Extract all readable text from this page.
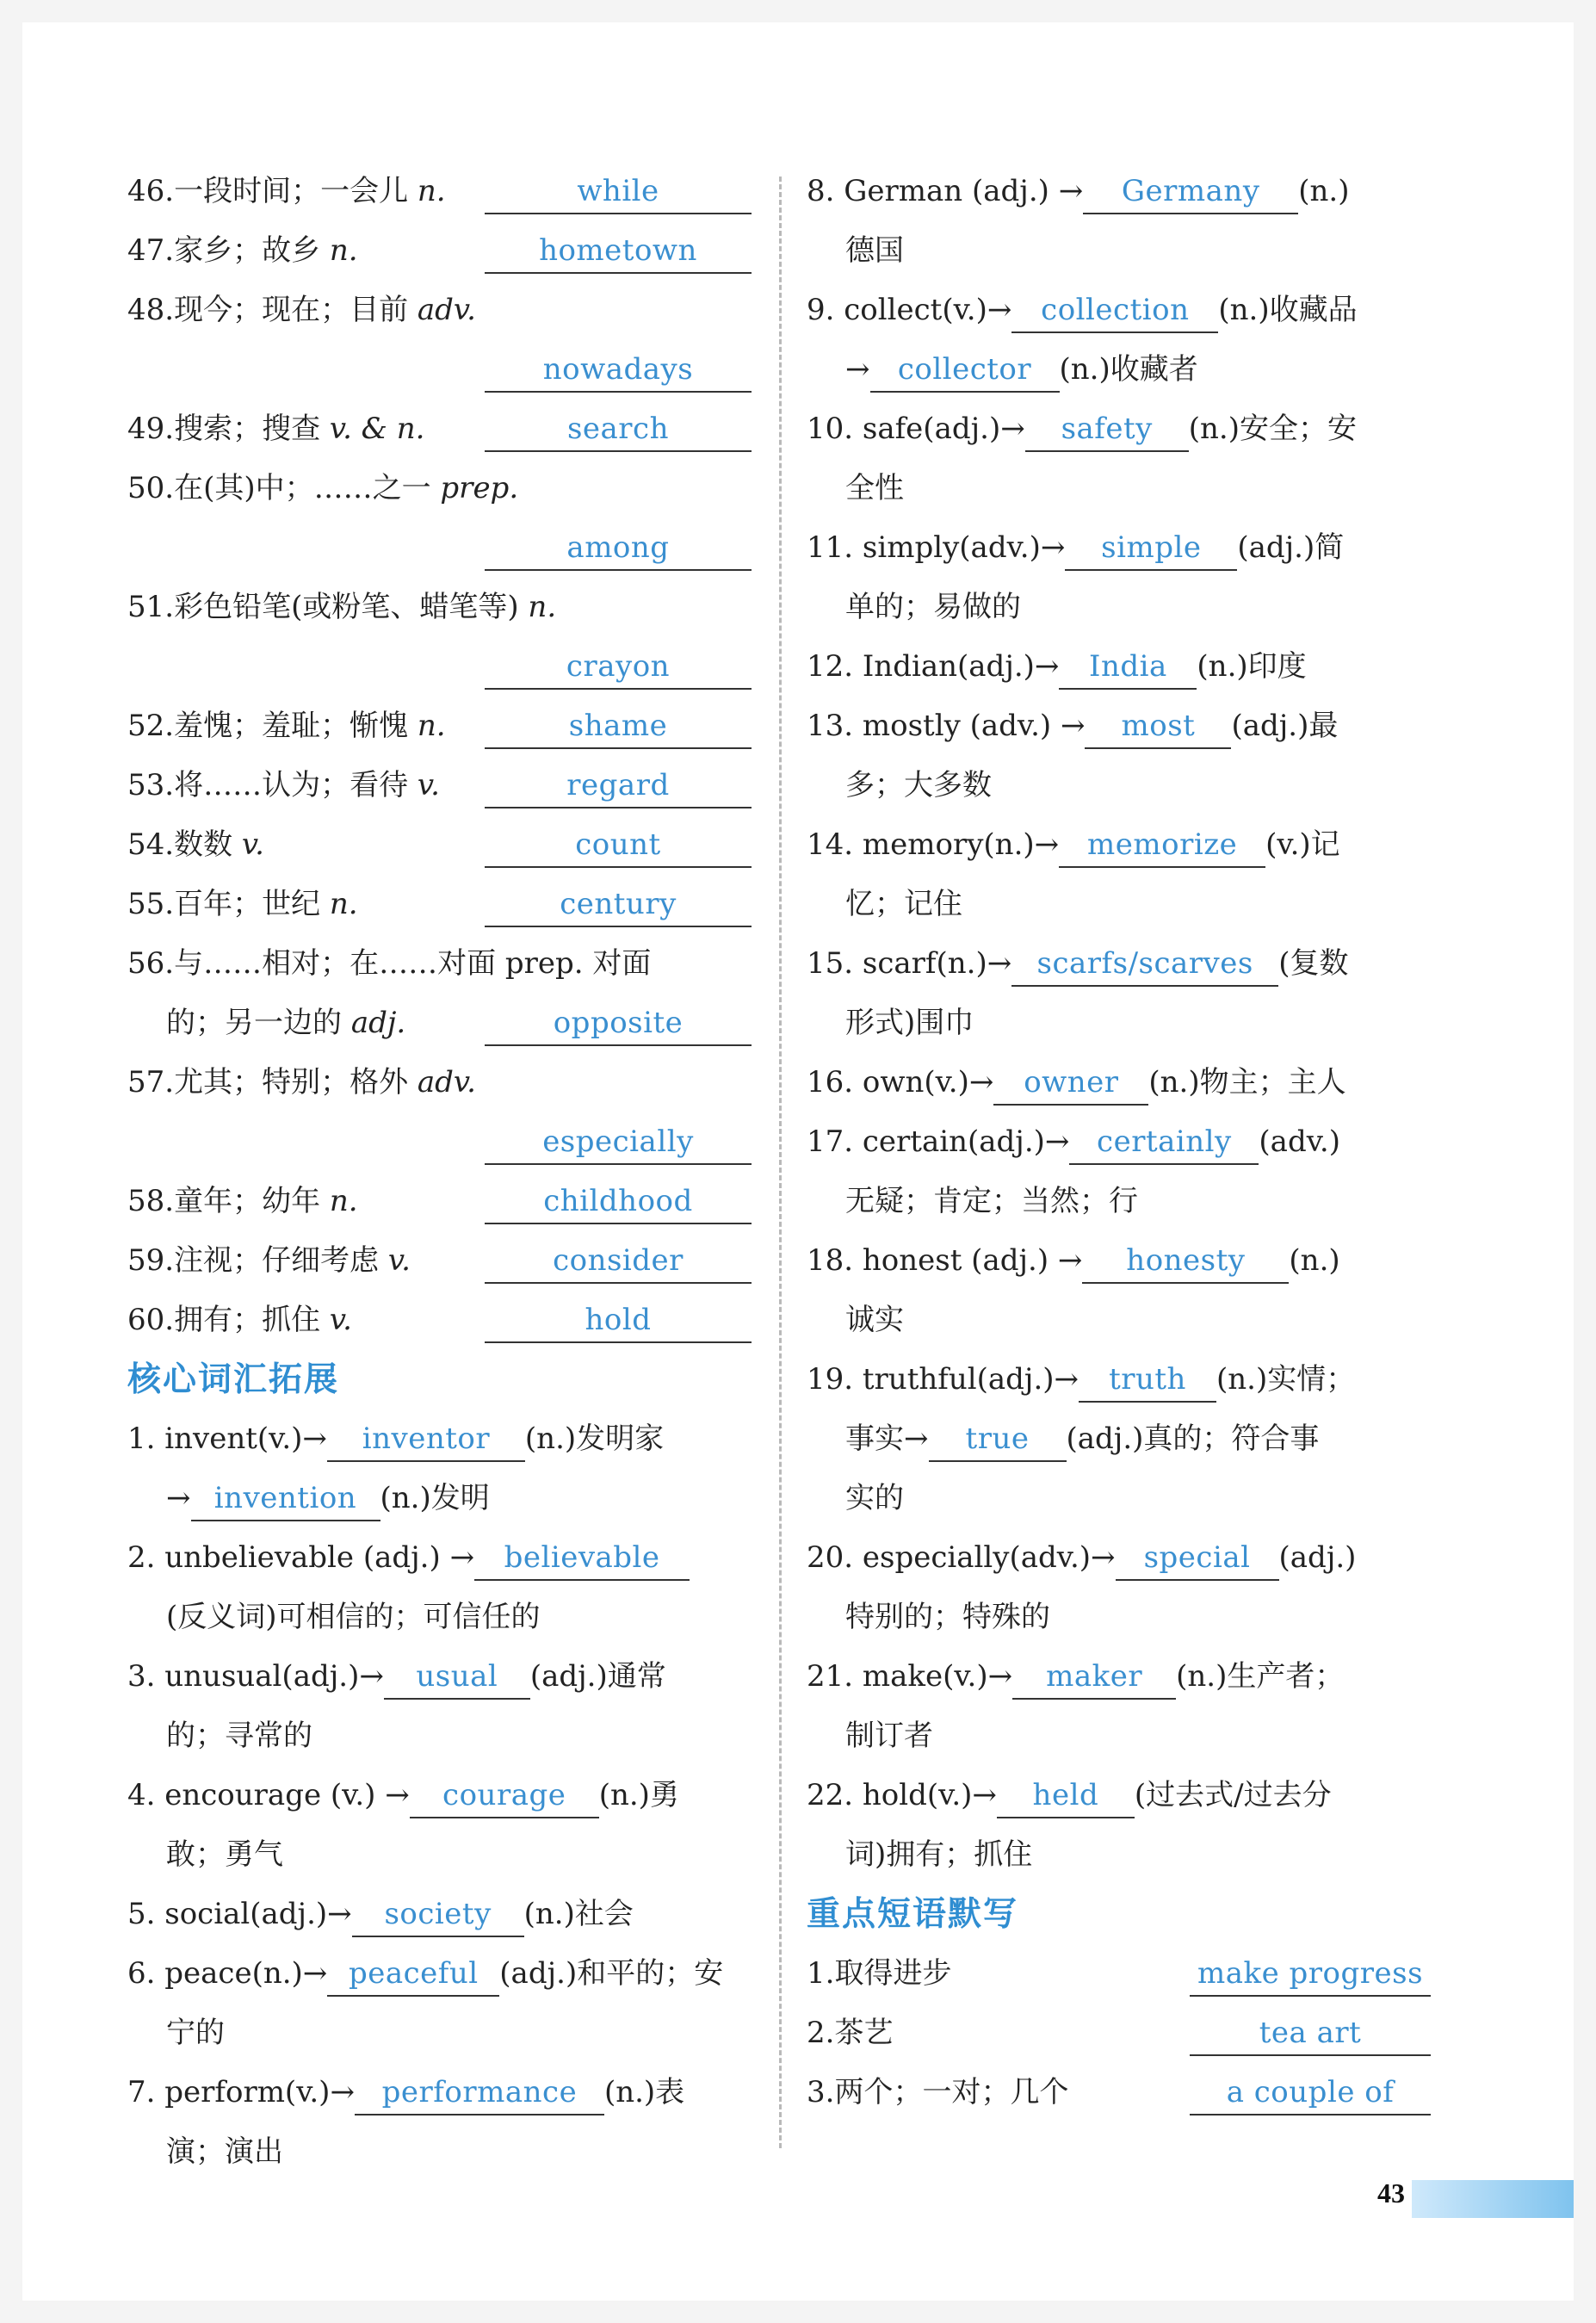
46.一段时间；一会儿 n.	while
47.家乡；故乡 n.	hometown
48.现今；现在；目前 adv.
nowadays
49.搜索；搜查 v. & n.	search
50.在(其)中；……之一 prep.
among
51.彩色铅笔(或粉笔、蜡笔等) n.
crayon
52.羞愧；羞耻；惭愧 n.	shame
53.将……认为；看待 v.	regard
54.数数 v.	count
55.百年；世纪 n.	century
56.与……相对；在……对面 prep. 对面
的；另一边的 adj.	opposite
57.尤其；特别；格外 adv.
especially
58.童年；幼年 n.	childhood
59.注视；仔细考虑 v.	consider
60.拥有；抓住 v.	hold
核心词汇拓展
1. invent(v.)→ inventor (n.)发明家
→ invention (n.)发明
2. unbelievable (adj.) → believable
(反义词)可相信的；可信任的
3. unusual(adj.)→ usual (adj.)通常
的；寻常的
4. encourage (v.) → courage (n.)勇
敢；勇气
5. social(adj.)→ society (n.)社会
6. peace(n.)→ peaceful (adj.)和平的；安
宁的
7. perform(v.)→ performance (n.)表
演；演出
8. German (adj.) → Germany (n.)
德国
9. collect(v.)→ collection (n.)收藏品
→ collector (n.)收藏者
10. safe(adj.)→ safety (n.)安全；安
全性
11. simply(adv.)→ simple (adj.)简
单的；易做的
12. Indian(adj.)→ India (n.)印度
13. mostly (adv.) → most (adj.)最
多；大多数
14. memory(n.)→ memorize (v.)记
忆；记住
15. scarf(n.)→ scarfs/scarves (复数
形式)围巾
16. own(v.)→ owner (n.)物主；主人
17. certain(adj.)→ certainly (adv.)
无疑；肯定；当然；行
18. honest (adj.) → honesty (n.)
诚实
19. truthful(adj.)→ truth (n.)实情；
事实→ true (adj.)真的；符合事
实的
20. especially(adv.)→ special (adj.)
特别的；特殊的
21. make(v.)→ maker (n.)生产者；
制订者
22. hold(v.)→ held (过去式/过去分
词)拥有；抓住
重点短语默写
1.取得进步	make progress
2.茶艺	tea art
3.两个；一对；几个	a couple of
43
